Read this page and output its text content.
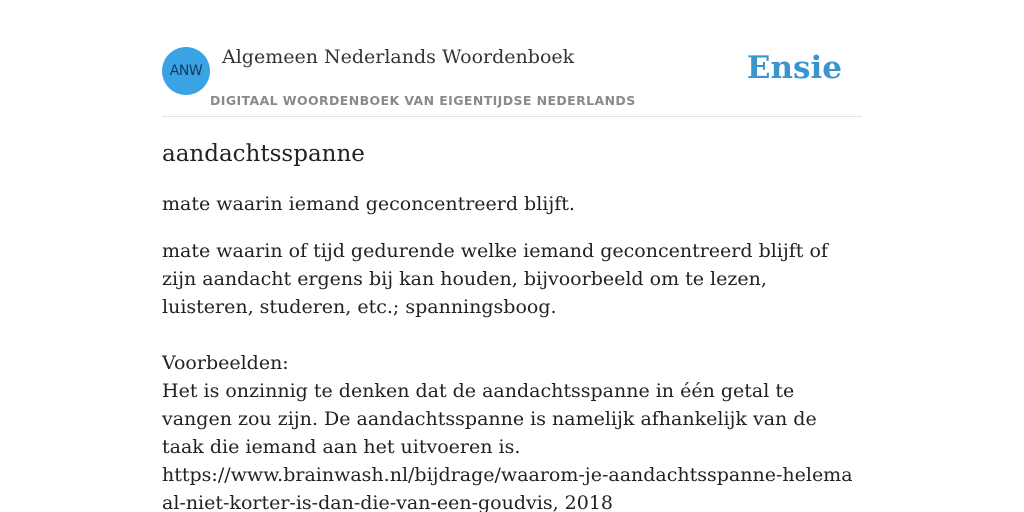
ANW
Algemeen Nederlands Woordenboek
DIGITAAL WOORDENBOEK VAN EIGENTIJDSE NEDERLANDS
Ensie
aandachtsspanne

mate waarin iemand geconcentreerd blijft.

mate waarin of tijd gedurende welke iemand geconcentreerd blijft of zijn aandacht ergens bij kan houden, bijvoorbeeld om te lezen, luisteren, studeren, etc.; spanningsboog.

Voorbeelden:

Het is onzinnig te denken dat de aandachtsspanne in één getal te vangen zou zijn. De aandachtsspanne is namelijk afhankelijk van de taak die iemand aan het uitvoeren is.

https://www.brainwash.nl/bijdrage/waarom-je-aandachtsspanne-helemaal-niet-korter-is-dan-die-van-een-goudvis, 2018
